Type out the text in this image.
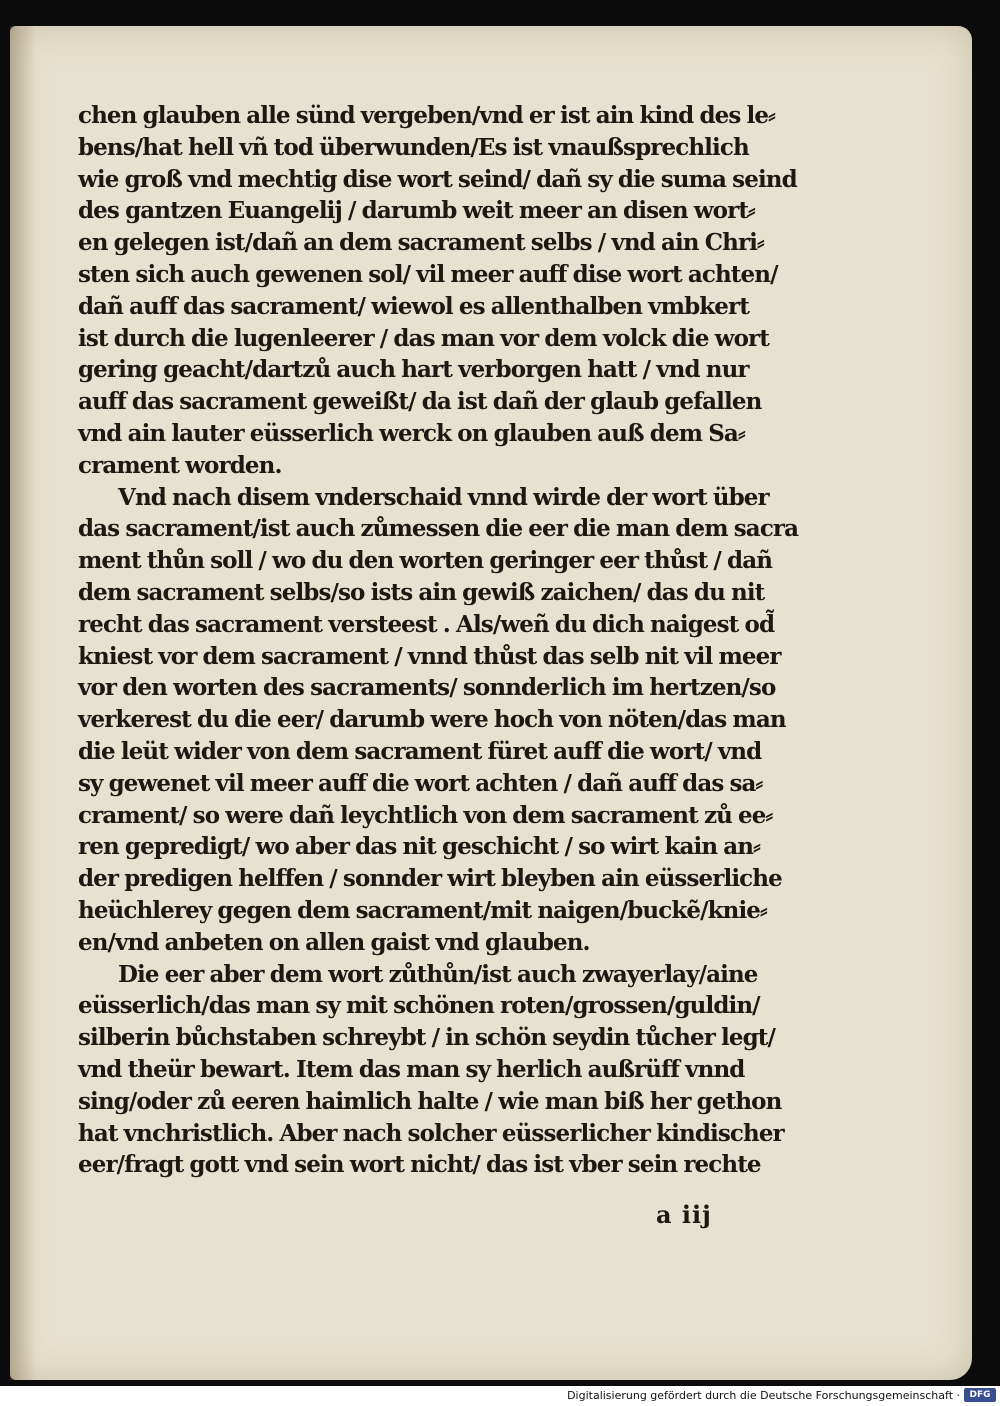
chen glauben alle sünd vergeben/vnd er ist ain kind des le⸗
bens/hat hell vñ tod überwunden/Es ist vnaußsprechlich
wie groß vnd mechtig dise wort seind/ dañ sy die suma seind
des gantzen Euangelij / darumb weit meer an disen wort⸗
en gelegen ist/dañ an dem sacrament selbs / vnd ain Chri⸗
sten sich auch gewenen sol/ vil meer auff dise wort achten/
dañ auff das sacrament/ wiewol es allenthalben vmbkert
ist durch die lugenleerer / das man vor dem volck die wort
gering geacht/dartzů auch hart verborgen hatt / vnd nur
auff das sacrament geweißt/ da ist dañ der glaub gefallen
vnd ain lauter eüsserlich werck on glauben auß dem Sa⸗
crament worden.
Vnd nach disem vnderschaid vnnd wirde der wort über
das sacrament/ist auch zůmessen die eer die man dem sacra
ment thůn soll / wo du den worten geringer eer thůst / dañ
dem sacrament selbs/so ists ain gewiß zaichen/ das du nit
recht das sacrament versteest . Als/weñ du dich naigest od̃
kniest vor dem sacrament / vnnd thůst das selb nit vil meer
vor den worten des sacraments/ sonnderlich im hertzen/so
verkerest du die eer/ darumb were hoch von nöten/das man
die leüt wider von dem sacrament füret auff die wort/ vnd
sy gewenet vil meer auff die wort achten / dañ auff das sa⸗
crament/ so were dañ leychtlich von dem sacrament zů ee⸗
ren gepredigt/ wo aber das nit geschicht / so wirt kain an⸗
der predigen helffen / sonnder wirt bleyben ain eüsserliche
heüchlerey gegen dem sacrament/mit naigen/buckẽ/knie⸗
en/vnd anbeten on allen gaist vnd glauben.
Die eer aber dem wort zůthůn/ist auch zwayerlay/aine
eüsserlich/das man sy mit schönen roten/grossen/guldin/
silberin bůchstaben schreybt / in schön seydin tůcher legt/
vnd theür bewart. Item das man sy herlich außrüff vnnd
sing/oder zů eeren haimlich halte / wie man biß her gethon
hat vnchristlich. Aber nach solcher eüsserlicher kindischer
eer/fragt gott vnd sein wort nicht/ das ist vber sein rechte
a iij
Digitalisierung gefördert durch die Deutsche Forschungsgemeinschaft ·	DFG
